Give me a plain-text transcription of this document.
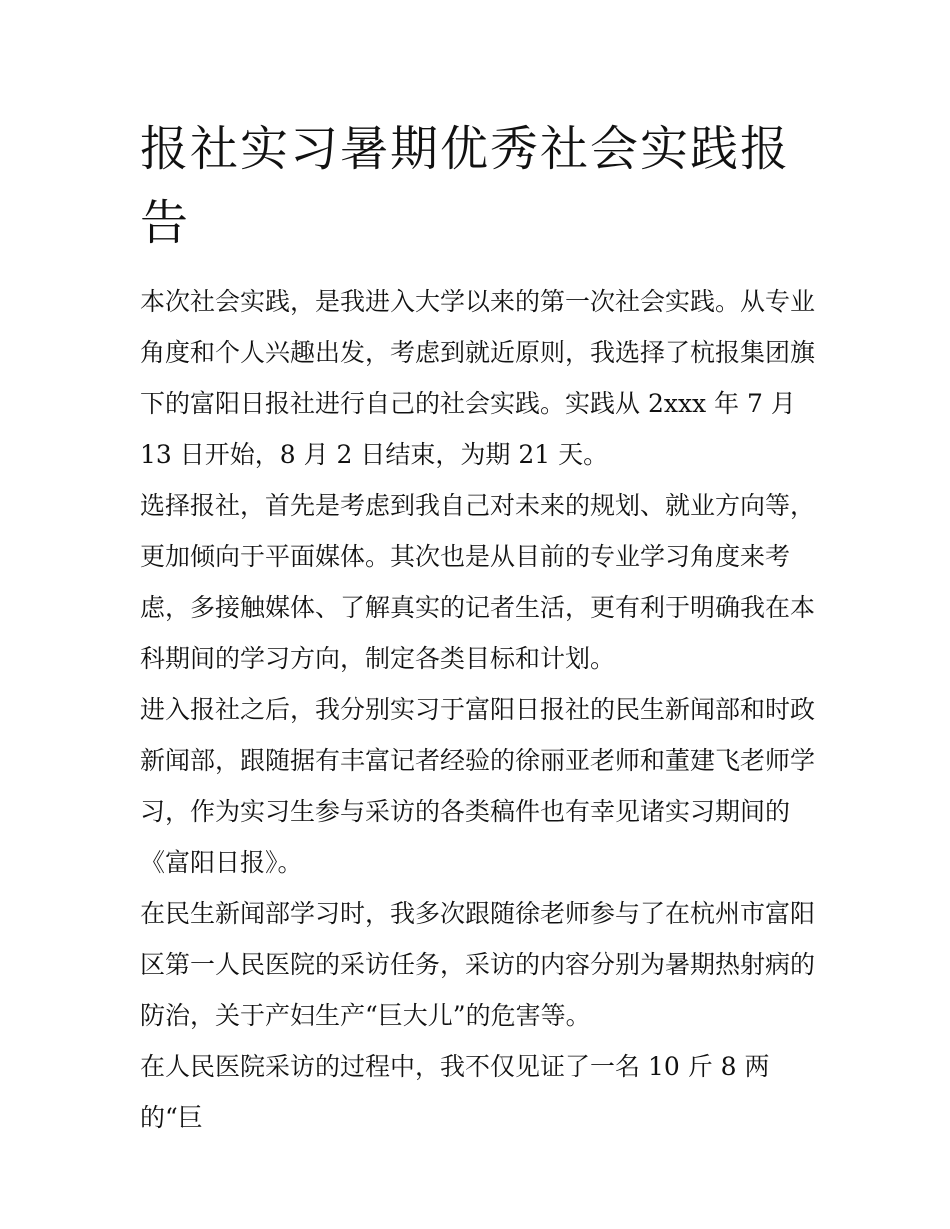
报社实习暑期优秀社会实践报告

本次社会实践，是我进入大学以来的第一次社会实践。从专业角度和个人兴趣出发，考虑到就近原则，我选择了杭报集团旗下的富阳日报社进行自己的社会实践。实践从 2xxx 年 7 月 13 日开始，8 月 2 日结束，为期 21 天。

选择报社，首先是考虑到我自己对未来的规划、就业方向等，更加倾向于平面媒体。其次也是从目前的专业学习角度来考虑，多接触媒体、了解真实的记者生活，更有利于明确我在本科期间的学习方向，制定各类目标和计划。

进入报社之后，我分别实习于富阳日报社的民生新闻部和时政新闻部，跟随据有丰富记者经验的徐丽亚老师和董建飞老师学习，作为实习生参与采访的各类稿件也有幸见诸实习期间的《富阳日报》。

在民生新闻部学习时，我多次跟随徐老师参与了在杭州市富阳区第一人民医院的采访任务，采访的内容分别为暑期热射病的防治，关于产妇生产“巨大儿”的危害等。

在人民医院采访的过程中，我不仅见证了一名 10 斤 8 两的“巨
